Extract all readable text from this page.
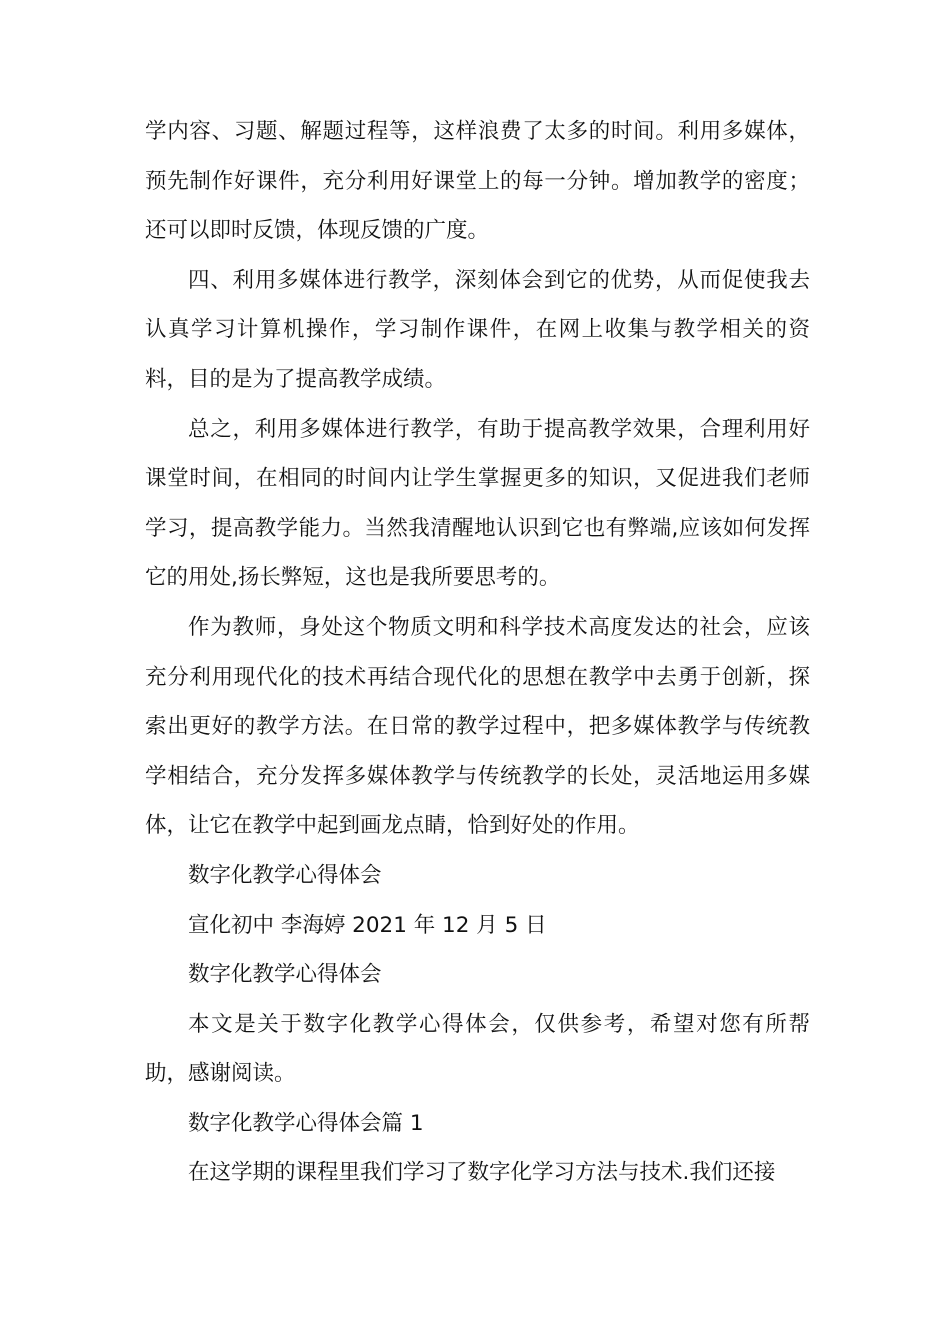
学内容、习题、解题过程等，这样浪费了太多的时间。利用多媒体，预先制作好课件，充分利用好课堂上的每一分钟。增加教学的密度；还可以即时反馈，体现反馈的广度。

四、利用多媒体进行教学，深刻体会到它的优势，从而促使我去认真学习计算机操作，学习制作课件，在网上收集与教学相关的资料，目的是为了提高教学成绩。

总之，利用多媒体进行教学，有助于提高教学效果，合理利用好课堂时间，在相同的时间内让学生掌握更多的知识，又促进我们老师学习，提高教学能力。当然我清醒地认识到它也有弊端,应该如何发挥它的用处,扬长弊短，这也是我所要思考的。

作为教师，身处这个物质文明和科学技术高度发达的社会，应该充分利用现代化的技术再结合现代化的思想在教学中去勇于创新，探索出更好的教学方法。在日常的教学过程中，把多媒体教学与传统教学相结合，充分发挥多媒体教学与传统教学的长处，灵活地运用多媒体，让它在教学中起到画龙点睛，恰到好处的作用。

数字化教学心得体会

宣化初中 李海婷 2021 年 12 月 5 日

数字化教学心得体会

本文是关于数字化教学心得体会，仅供参考，希望对您有所帮助，感谢阅读。

数字化教学心得体会篇 1

在这学期的课程里我们学习了数字化学习方法与技术.我们还接
